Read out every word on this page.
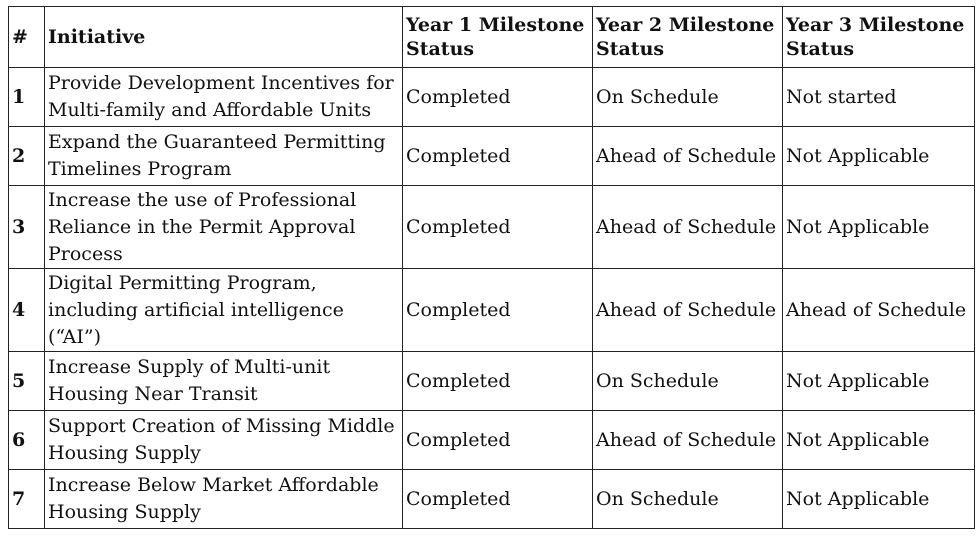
#	Initiative	Year 1 Milestone Status	Year 2 Milestone Status	Year 3 Milestone Status
1	Provide Development Incentives for Multi-family and Affordable Units	Completed	On Schedule	Not started
2	Expand the Guaranteed Permitting Timelines Program	Completed	Ahead of Schedule	Not Applicable
3	Increase the use of Professional Reliance in the Permit Approval Process	Completed	Ahead of Schedule	Not Applicable
4	Digital Permitting Program, including artificial intelligence (“AI”)	Completed	Ahead of Schedule	Ahead of Schedule
5	Increase Supply of Multi-unit Housing Near Transit	Completed	On Schedule	Not Applicable
6	Support Creation of Missing Middle Housing Supply	Completed	Ahead of Schedule	Not Applicable
7	Increase Below Market Affordable Housing Supply	Completed	On Schedule	Not Applicable
